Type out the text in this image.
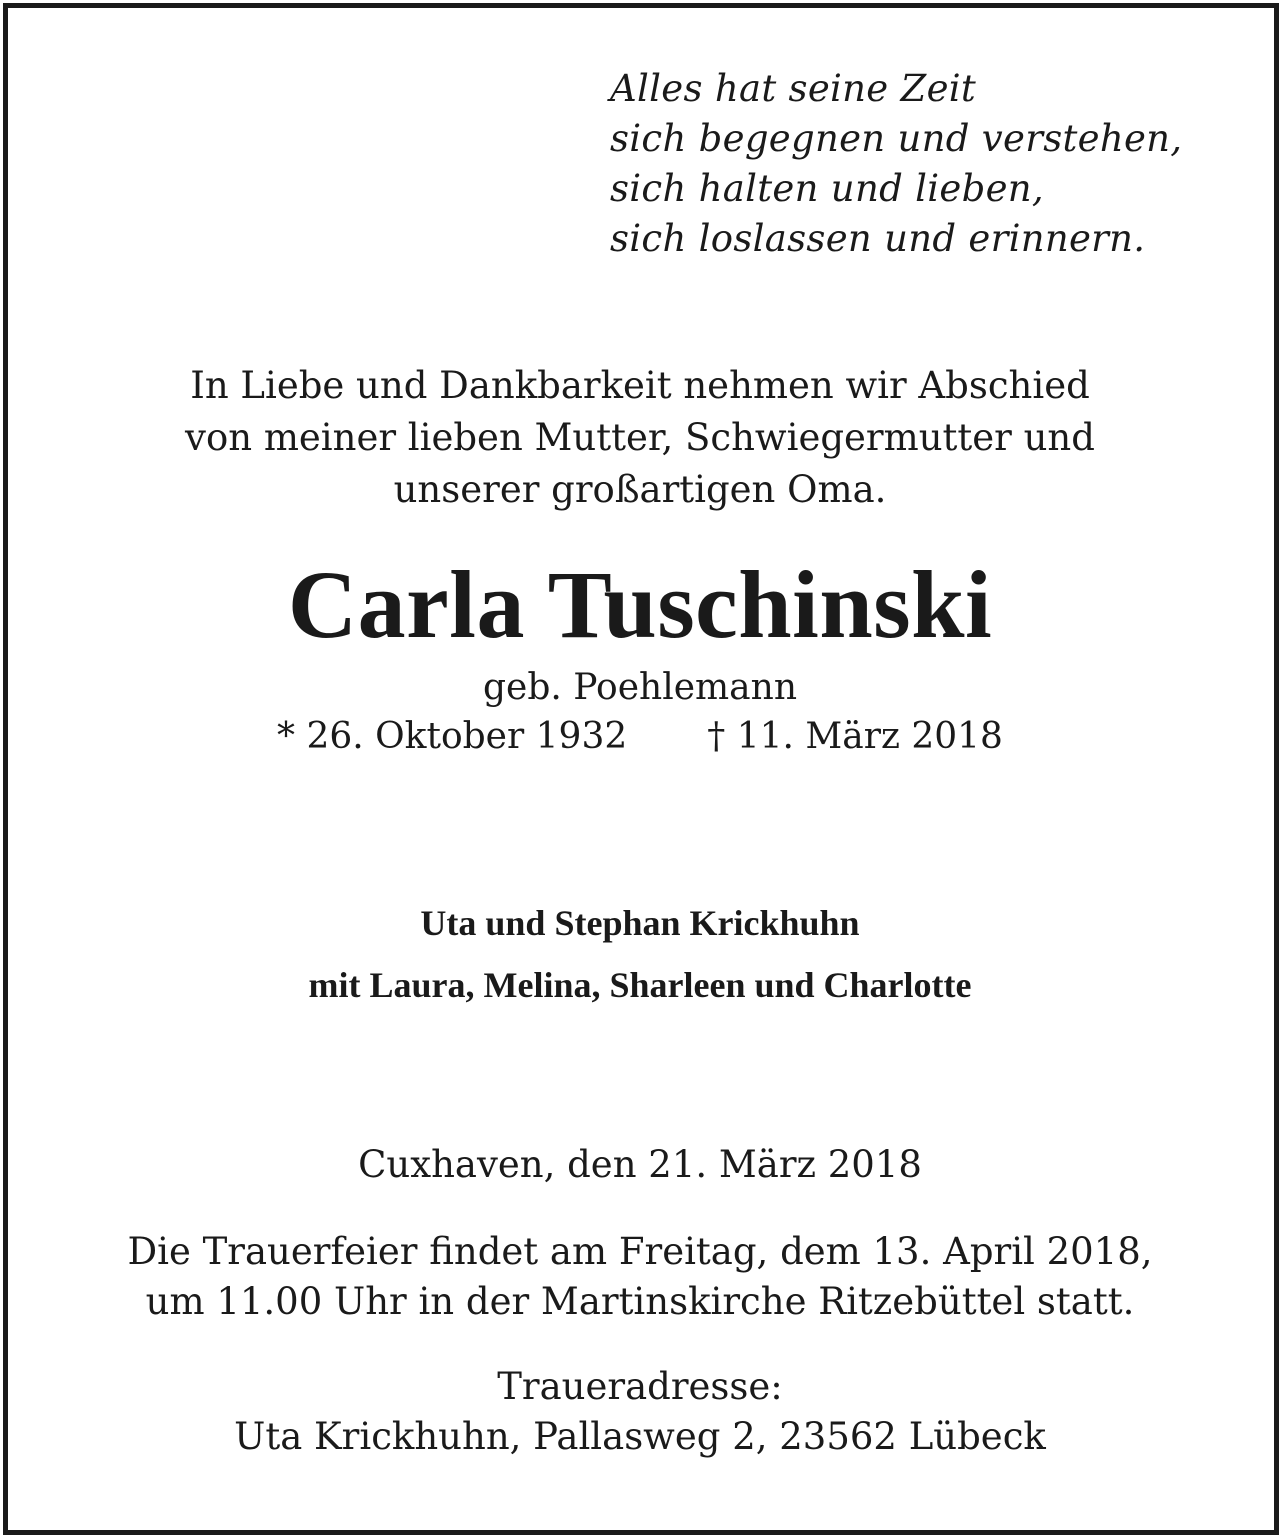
Alles hat seine Zeit
sich begegnen und verstehen,
sich halten und lieben,
sich loslassen und erinnern.
In Liebe und Dankbarkeit nehmen wir Abschied
von meiner lieben Mutter, Schwiegermutter und
unserer großartigen Oma.
Carla Tuschinski
geb. Poehlemann
* 26. Oktober 1932 † 11. März 2018
Uta und Stephan Krickhuhn
mit Laura, Melina, Sharleen und Charlotte
Cuxhaven, den 21. März 2018
Die Trauerfeier findet am Freitag, dem 13. April 2018,
um 11.00 Uhr in der Martinskirche Ritzebüttel statt.
Traueradresse:
Uta Krickhuhn, Pallasweg 2, 23562 Lübeck
